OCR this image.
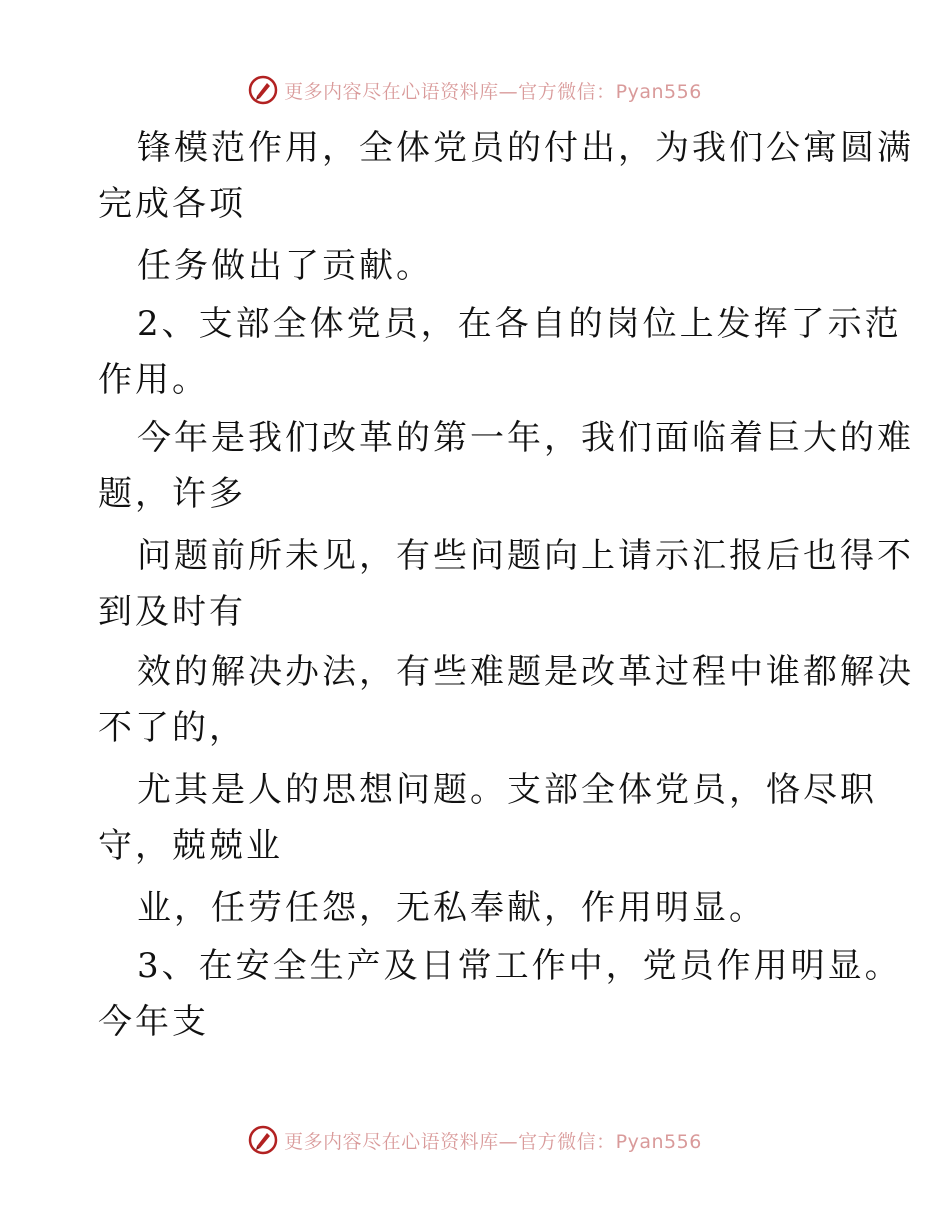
更多内容尽在心语资料库—官方微信：Pyan556
锋模范作用，全体党员的付出，为我们公寓圆满
完成各项
任务做出了贡献。
2、支部全体党员，在各自的岗位上发挥了示范
作用。
今年是我们改革的第一年，我们面临着巨大的难
题，许多
问题前所未见，有些问题向上请示汇报后也得不
到及时有
效的解决办法，有些难题是改革过程中谁都解决
不了的，
尤其是人的思想问题。支部全体党员，恪尽职
守，兢兢业
业，任劳任怨，无私奉献，作用明显。
3、在安全生产及日常工作中，党员作用明显。
今年支
更多内容尽在心语资料库—官方微信：Pyan556
